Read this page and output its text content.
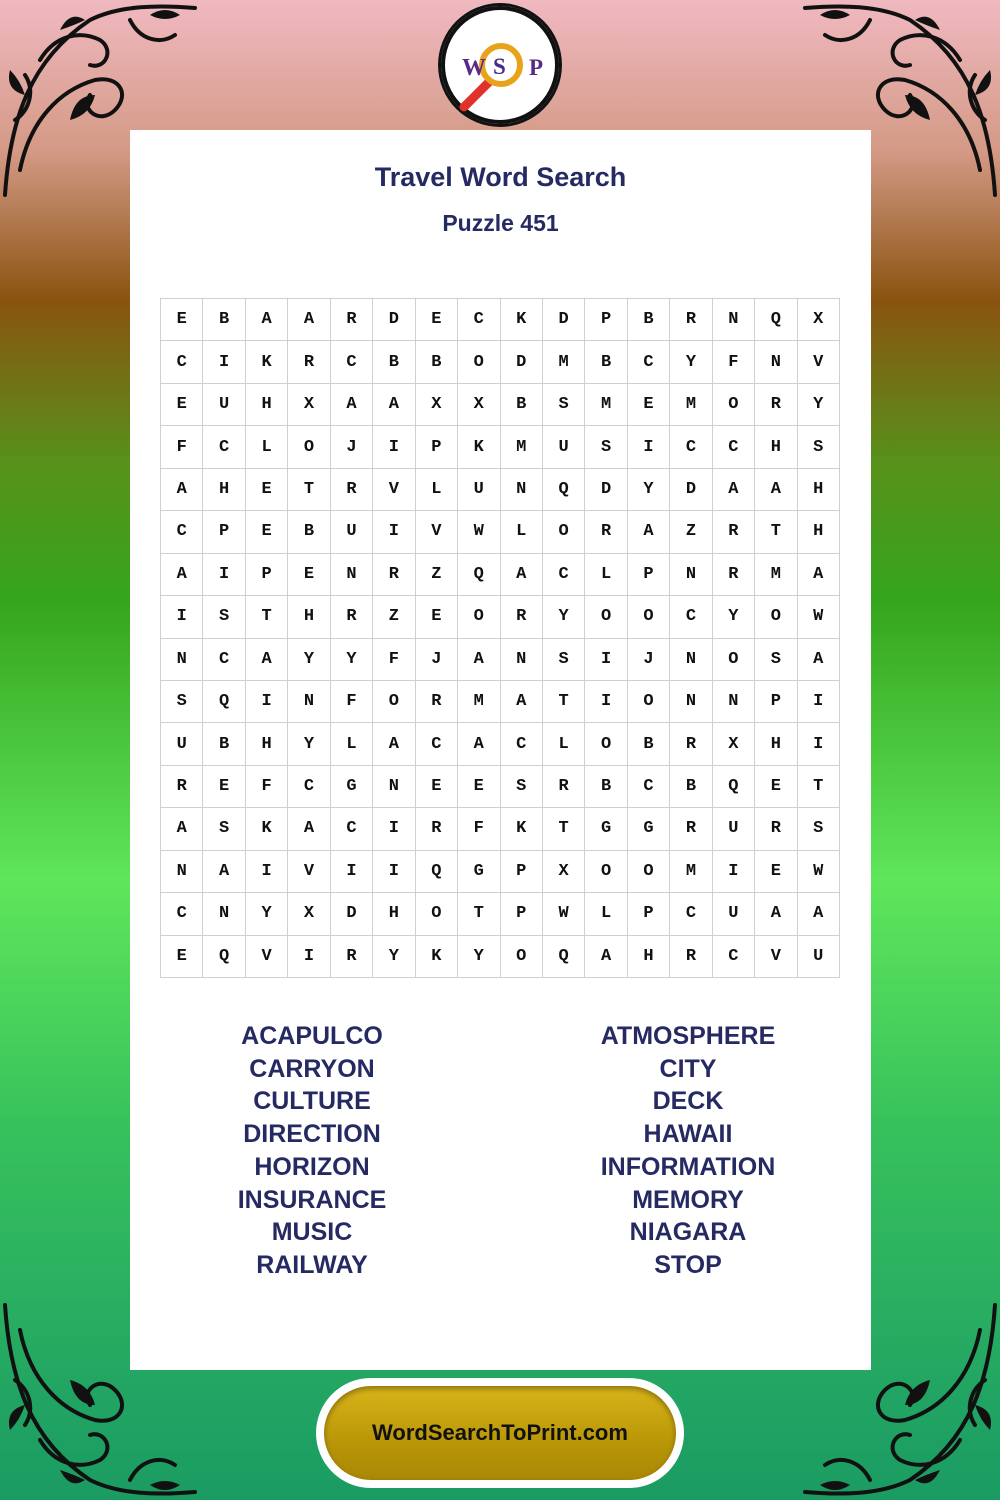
W S P
Travel Word Search
Puzzle 451
E	B	A	A	R	D	E	C	K	D	P	B	R	N	Q	X
C	I	K	R	C	B	B	O	D	M	B	C	Y	F	N	V
E	U	H	X	A	A	X	X	B	S	M	E	M	O	R	Y
F	C	L	O	J	I	P	K	M	U	S	I	C	C	H	S
A	H	E	T	R	V	L	U	N	Q	D	Y	D	A	A	H
C	P	E	B	U	I	V	W	L	O	R	A	Z	R	T	H
A	I	P	E	N	R	Z	Q	A	C	L	P	N	R	M	A
I	S	T	H	R	Z	E	O	R	Y	O	O	C	Y	O	W
N	C	A	Y	Y	F	J	A	N	S	I	J	N	O	S	A
S	Q	I	N	F	O	R	M	A	T	I	O	N	N	P	I
U	B	H	Y	L	A	C	A	C	L	O	B	R	X	H	I
R	E	F	C	G	N	E	E	S	R	B	C	B	Q	E	T
A	S	K	A	C	I	R	F	K	T	G	G	R	U	R	S
N	A	I	V	I	I	Q	G	P	X	O	O	M	I	E	W
C	N	Y	X	D	H	O	T	P	W	L	P	C	U	A	A
E	Q	V	I	R	Y	K	Y	O	Q	A	H	R	C	V	U
ACAPULCO
CARRYON
CULTURE
DIRECTION
HORIZON
INSURANCE
MUSIC
RAILWAY
ATMOSPHERE
CITY
DECK
HAWAII
INFORMATION
MEMORY
NIAGARA
STOP
WordSearchToPrint.com
